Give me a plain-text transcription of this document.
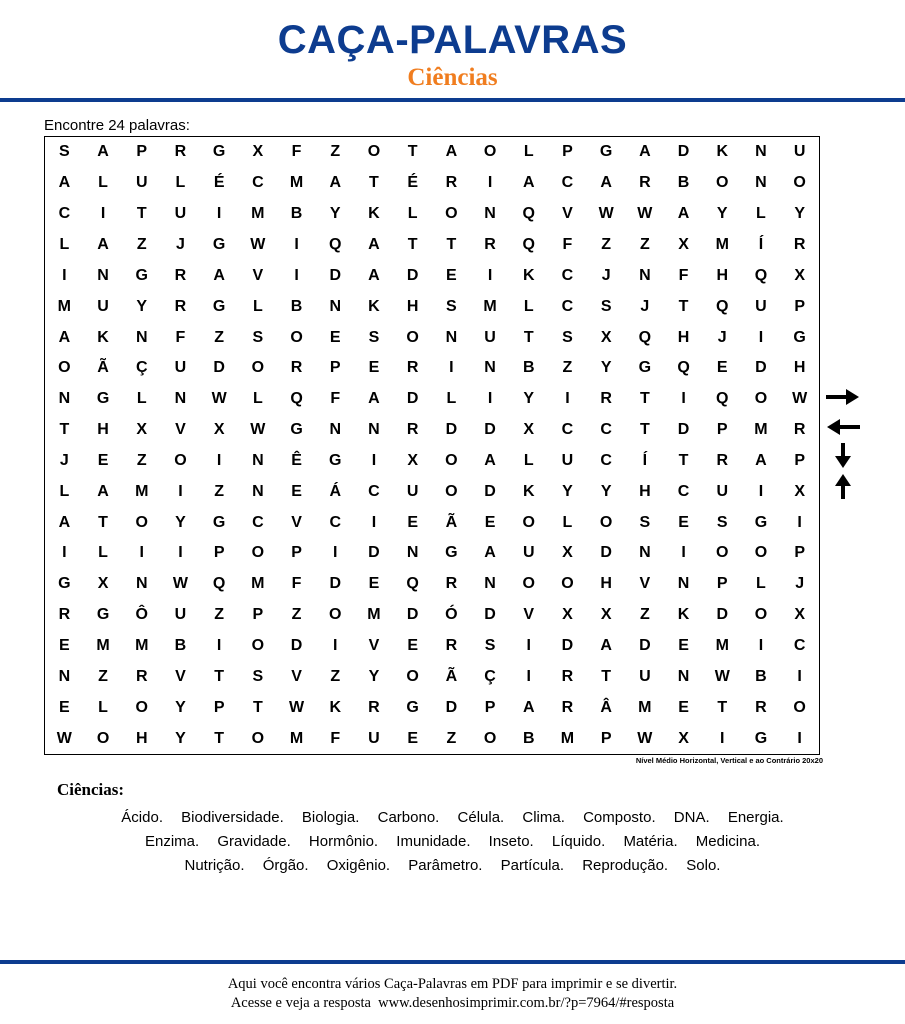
CAÇA-PALAVRAS
Ciências
Encontre 24 palavras:
S	A	P	R	G	X	F	Z	O	T	A	O	L	P	G	A	D	K	N	U
A	L	U	L	É	C	M	A	T	É	R	I	A	C	A	R	B	O	N	O
C	I	T	U	I	M	B	Y	K	L	O	N	Q	V	W	W	A	Y	L	Y
L	A	Z	J	G	W	I	Q	A	T	T	R	Q	F	Z	Z	X	M	Í	R
I	N	G	R	A	V	I	D	A	D	E	I	K	C	J	N	F	H	Q	X
M	U	Y	R	G	L	B	N	K	H	S	M	L	C	S	J	T	Q	U	P
A	K	N	F	Z	S	O	E	S	O	N	U	T	S	X	Q	H	J	I	G
O	Ã	Ç	U	D	O	R	P	E	R	I	N	B	Z	Y	G	Q	E	D	H
N	G	L	N	W	L	Q	F	A	D	L	I	Y	I	R	T	I	Q	O	W
T	H	X	V	X	W	G	N	N	R	D	D	X	C	C	T	D	P	M	R
J	E	Z	O	I	N	Ê	G	I	X	O	A	L	U	C	Í	T	R	A	P
L	A	M	I	Z	N	E	Á	C	U	O	D	K	Y	Y	H	C	U	I	X
A	T	O	Y	G	C	V	C	I	E	Ã	E	O	L	O	S	E	S	G	I
I	L	I	I	P	O	P	I	D	N	G	A	U	X	D	N	I	O	O	P
G	X	N	W	Q	M	F	D	E	Q	R	N	O	O	H	V	N	P	L	J
R	G	Ô	U	Z	P	Z	O	M	D	Ó	D	V	X	X	Z	K	D	O	X
E	M	M	B	I	O	D	I	V	E	R	S	I	D	A	D	E	M	I	C
N	Z	R	V	T	S	V	Z	Y	O	Ã	Ç	I	R	T	U	N	W	B	I
E	L	O	Y	P	T	W	K	R	G	D	P	A	R	Â	M	E	T	R	O
W	O	H	Y	T	O	M	F	U	E	Z	O	B	M	P	W	X	I	G	I
Nível Médio Horizontal, Vertical e ao Contrário 20x20
Ciências:
Ácido. Biodiversidade. Biologia. Carbono. Célula. Clima. Composto. DNA. Energia.
Enzima. Gravidade. Hormônio. Imunidade. Inseto. Líquido. Matéria. Medicina.
Nutrição. Órgão. Oxigênio. Parâmetro. Partícula. Reprodução. Solo.
Aqui você encontra vários Caça-Palavras em PDF para imprimir e se divertir.
Acesse e veja a resposta  www.desenhosimprimir.com.br/?p=7964/#resposta
